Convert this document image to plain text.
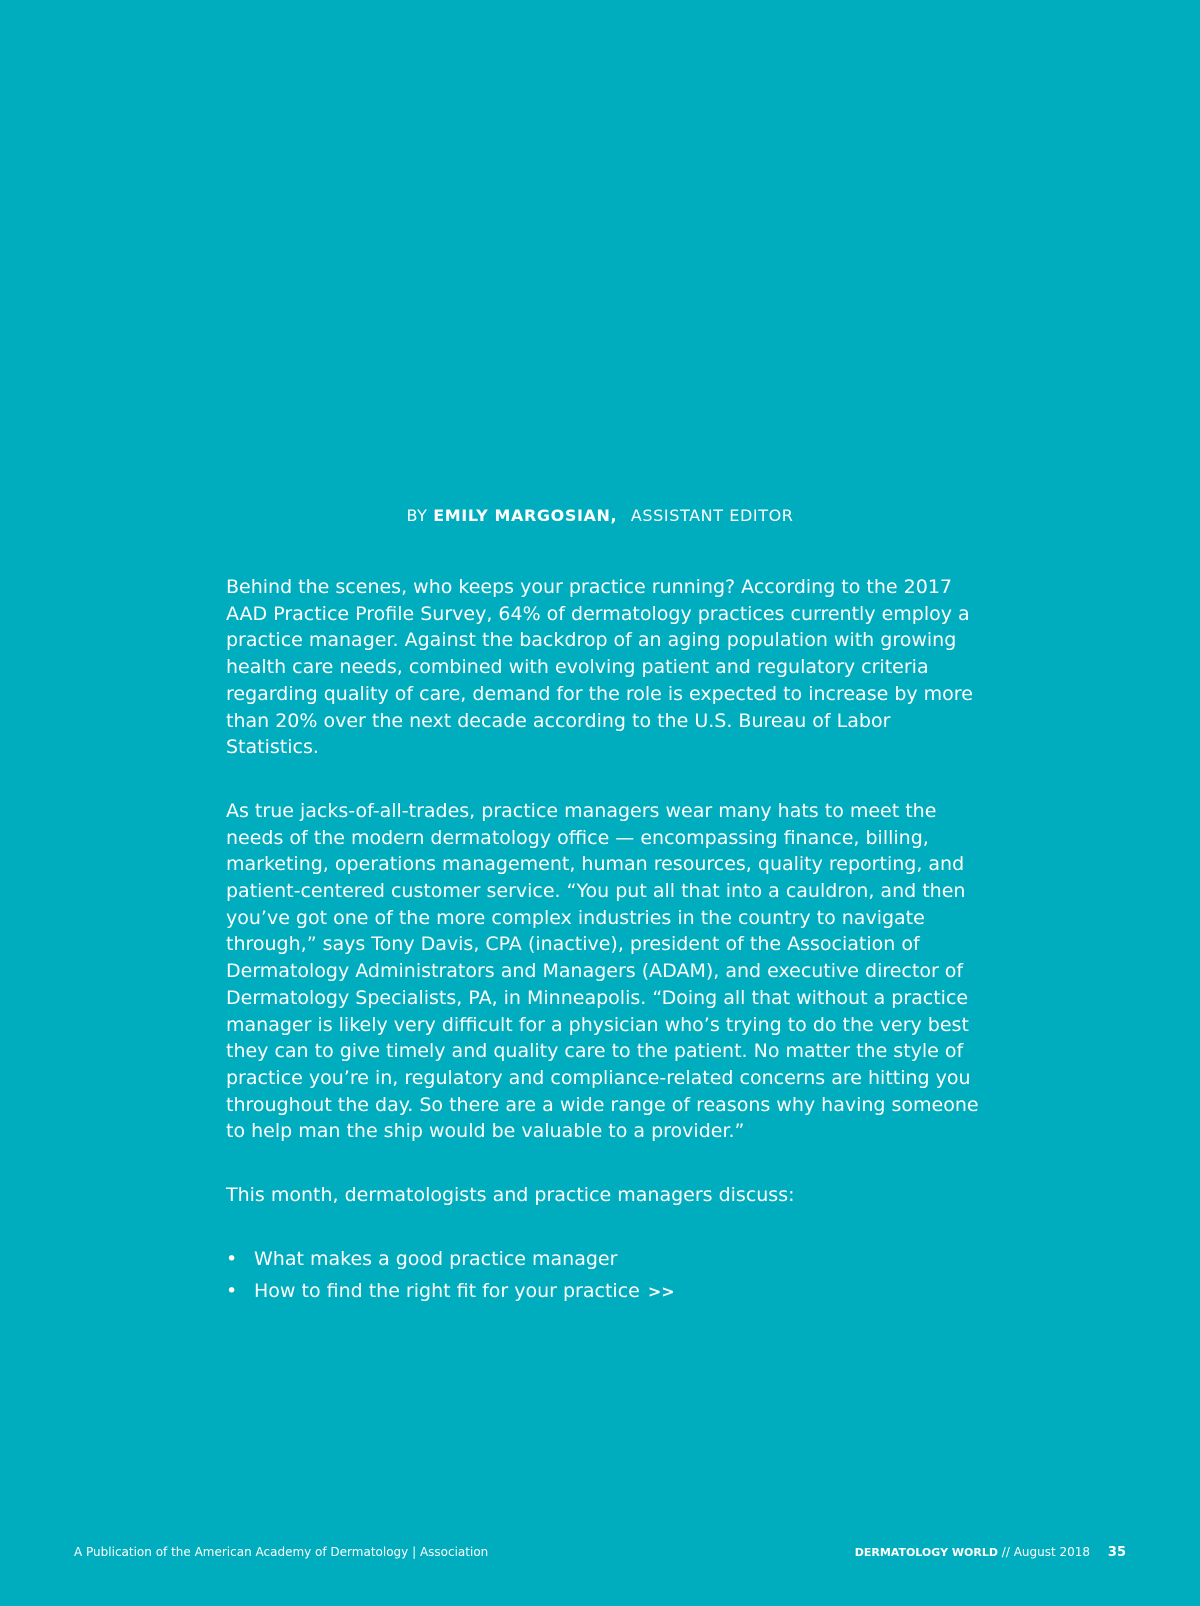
BY EMILY MARGOSIAN, ASSISTANT EDITOR

Behind the scenes, who keeps your practice running? According to the 2017 AAD Practice Profile Survey, 64% of dermatology practices currently employ a practice manager. Against the backdrop of an aging population with growing health care needs, combined with evolving patient and regulatory criteria regarding quality of care, demand for the role is expected to increase by more than 20% over the next decade according to the U.S. Bureau of Labor Statistics.

As true jacks-of-all-trades, practice managers wear many hats to meet the needs of the modern dermatology office — encompassing finance, billing, marketing, operations management, human resources, quality reporting, and patient-centered customer service. “You put all that into a cauldron, and then you’ve got one of the more complex industries in the country to navigate through,” says Tony Davis, CPA (inactive), president of the Association of Dermatology Administrators and Managers (ADAM), and executive director of Dermatology Specialists, PA, in Minneapolis. “Doing all that without a practice manager is likely very difficult for a physician who’s trying to do the very best they can to give timely and quality care to the patient. No matter the style of practice you’re in, regulatory and compliance-related concerns are hitting you throughout the day. So there are a wide range of reasons why having someone to help man the ship would be valuable to a provider.”

This month, dermatologists and practice managers discuss:

• What makes a good practice manager
• How to find the right fit for your practice >>
A Publication of the American Academy of Dermatology | Association	DERMATOLOGY WORLD // August 2018 35
